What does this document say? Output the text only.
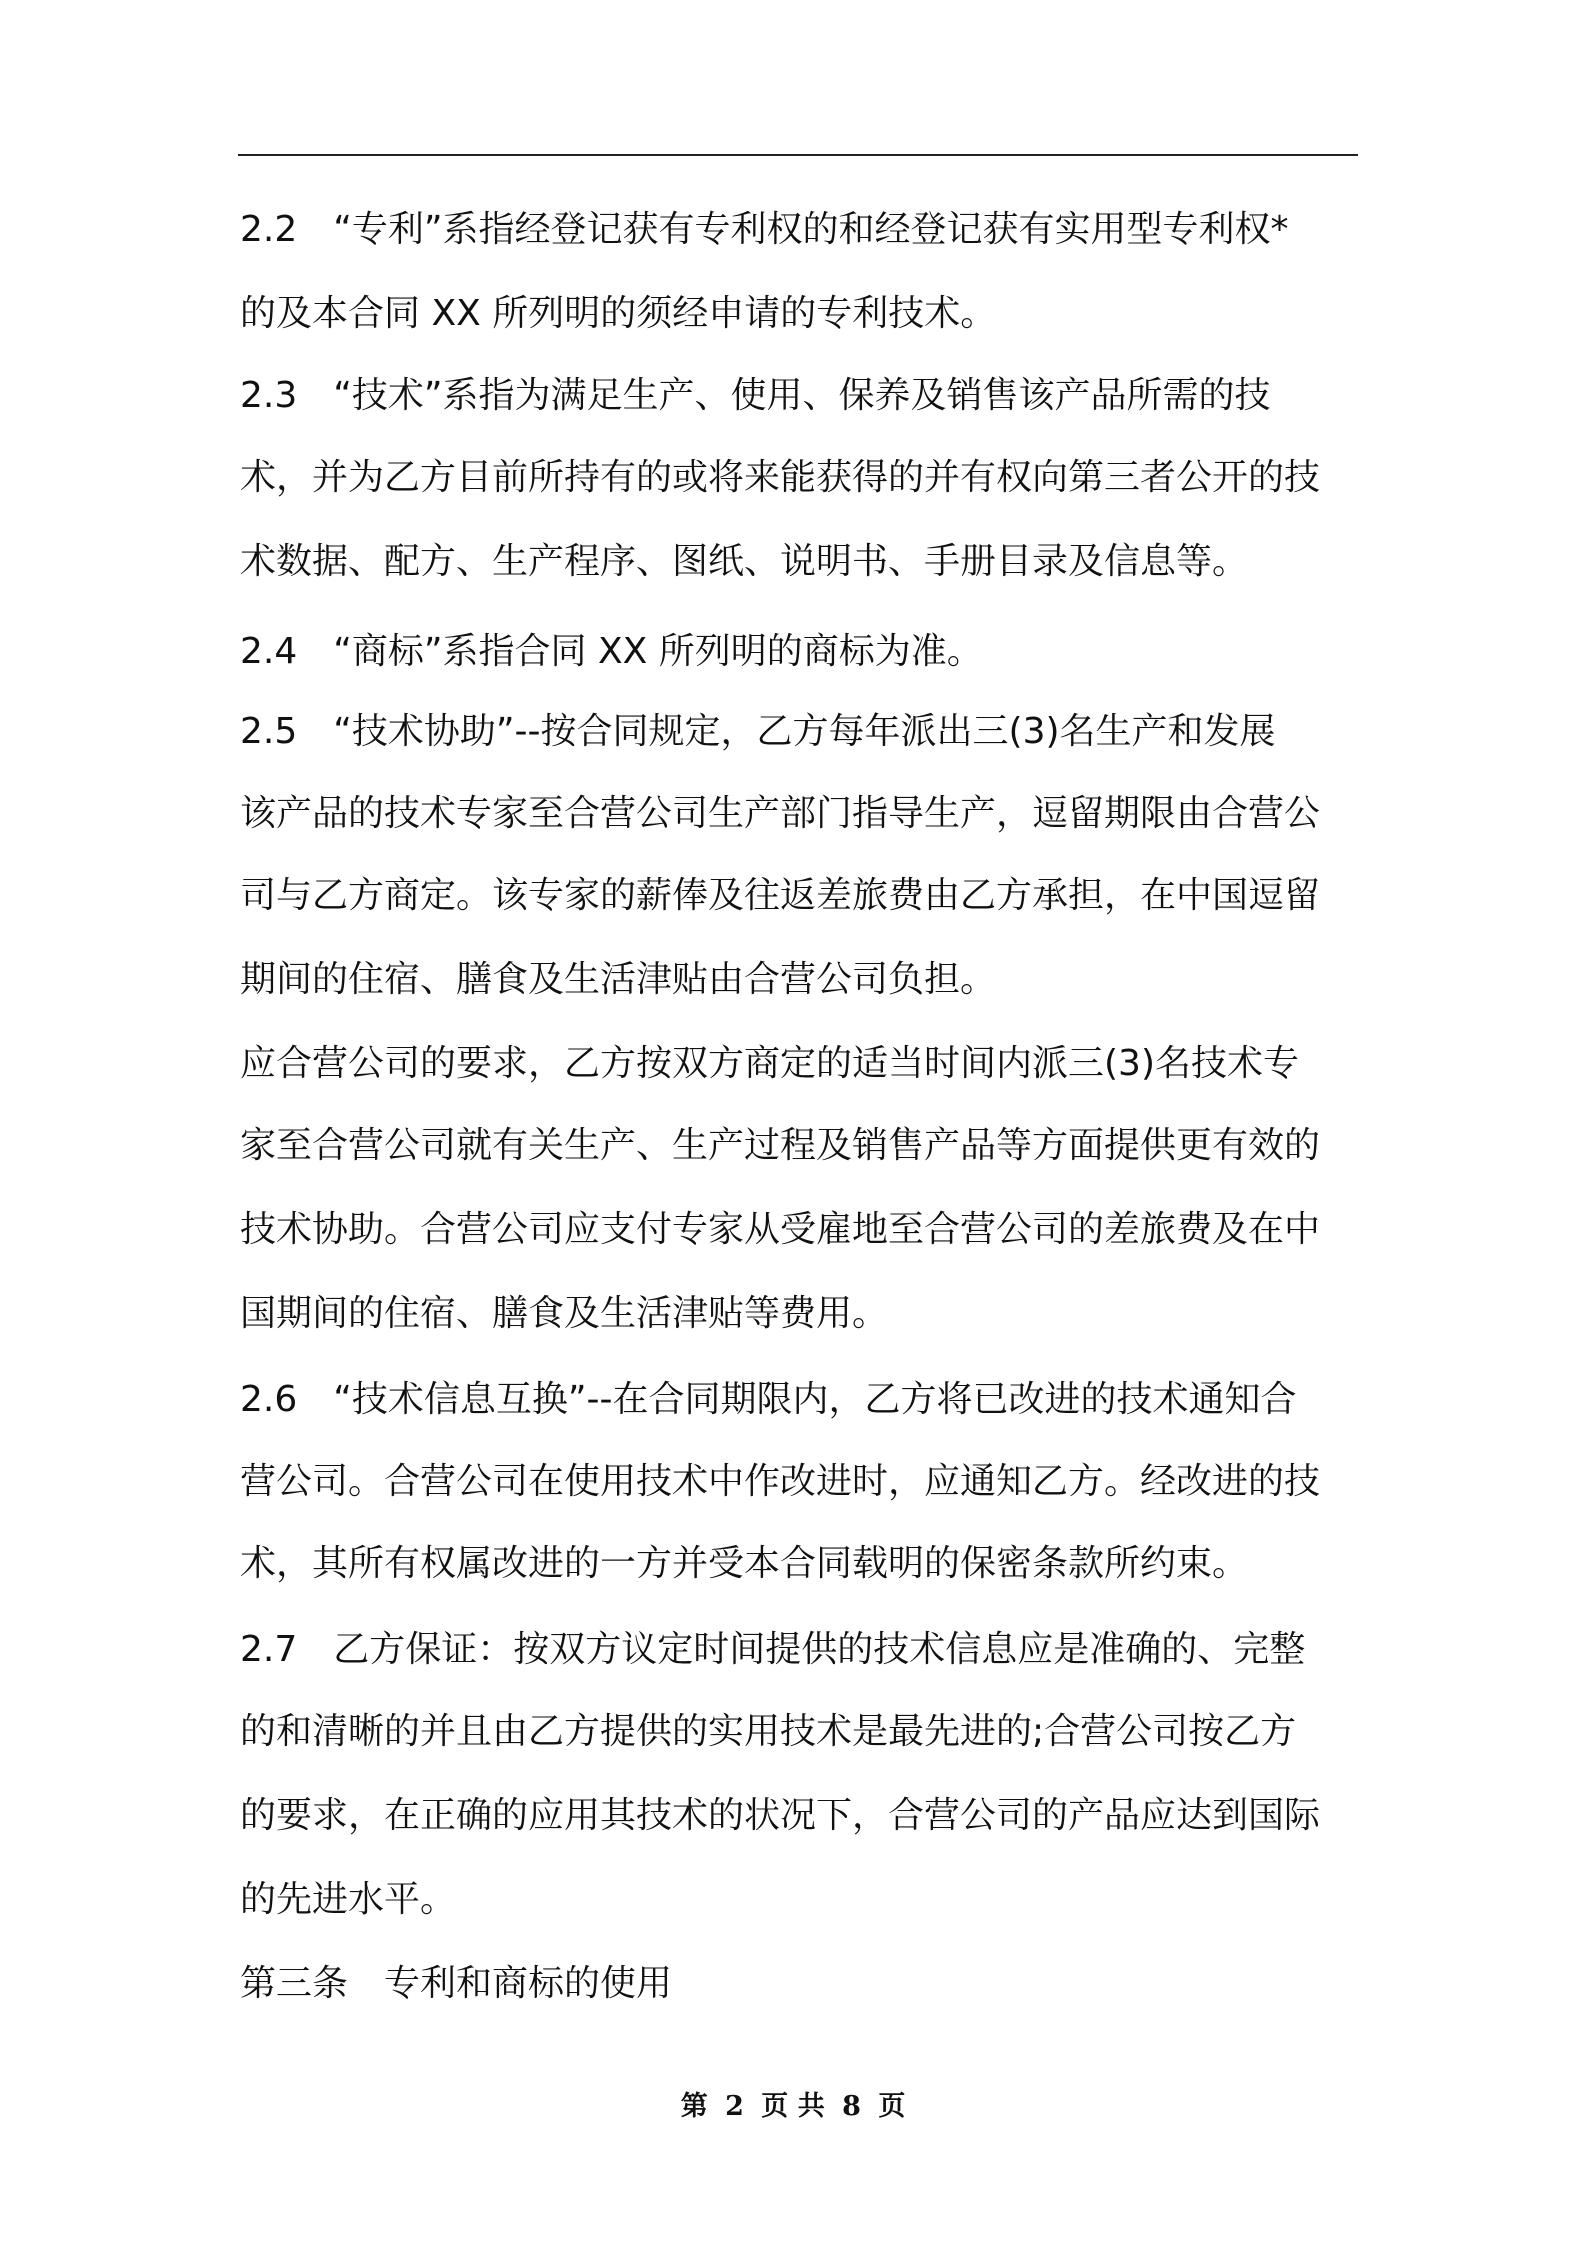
2.2　“专利”系指经登记获有专利权的和经登记获有实用型专利权*
的及本合同 XX 所列明的须经申请的专利技术。
2.3　“技术”系指为满足生产、使用、保养及销售该产品所需的技
术，并为乙方目前所持有的或将来能获得的并有权向第三者公开的技
术数据、配方、生产程序、图纸、说明书、手册目录及信息等。
2.4　“商标”系指合同 XX 所列明的商标为准。
2.5　“技术协助”--按合同规定，乙方每年派出三(3)名生产和发展
该产品的技术专家至合营公司生产部门指导生产，逗留期限由合营公
司与乙方商定。该专家的薪俸及往返差旅费由乙方承担，在中国逗留
期间的住宿、膳食及生活津贴由合营公司负担。
应合营公司的要求，乙方按双方商定的适当时间内派三(3)名技术专
家至合营公司就有关生产、生产过程及销售产品等方面提供更有效的
技术协助。合营公司应支付专家从受雇地至合营公司的差旅费及在中
国期间的住宿、膳食及生活津贴等费用。
2.6　“技术信息互换”--在合同期限内，乙方将已改进的技术通知合
营公司。合营公司在使用技术中作改进时，应通知乙方。经改进的技
术，其所有权属改进的一方并受本合同载明的保密条款所约束。
2.7　乙方保证：按双方议定时间提供的技术信息应是准确的、完整
的和清晰的并且由乙方提供的实用技术是最先进的;合营公司按乙方
的要求，在正确的应用其技术的状况下，合营公司的产品应达到国际
的先进水平。
第三条　专利和商标的使用
第 2 页 共 8 页
